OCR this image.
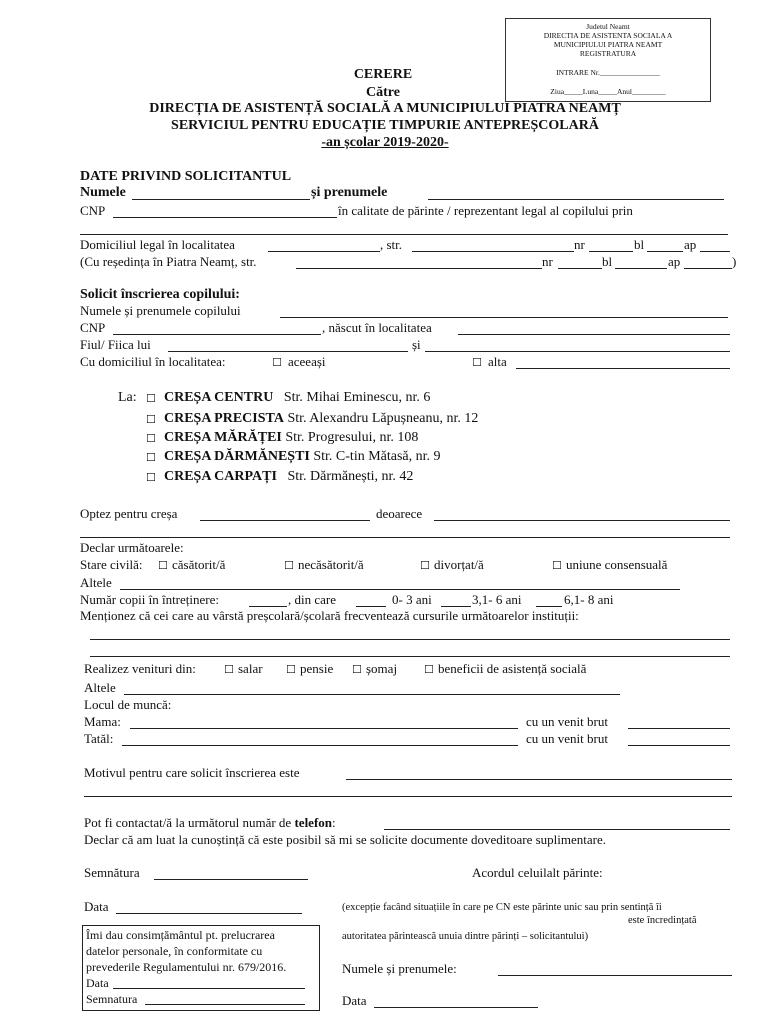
Judetul Neamt
DIRECTIA DE ASISTENTA SOCIALA A
MUNICIPIULUI PIATRA NEAMT
REGISTRATURA
INTRARE Nr.________________
Ziua_____Luna_____Anul_________
CERERE
Către
DIRECȚIA DE ASISTENȚĂ SOCIALĂ A MUNICIPIULUI PIATRA NEAMȚ
SERVICIUL PENTRU EDUCAȚIE TIMPURIE ANTEPREȘCOLARĂ
-an școlar 2019-2020-
DATE PRIVIND SOLICITANTUL
Numele	și prenumele
CNP	în calitate de părinte / reprezentant legal al copilului prin
Domiciliul legal în localitatea	, str.	nr	bl	ap
(Cu reședința în Piatra Neamț, str.	nr	bl	ap	)
Solicit înscrierea copilului:
Numele și prenumele copilului
CNP	, născut în localitatea
Fiul/ Fiica lui	și
Cu domiciliul în localitatea:	☐ aceeași	☐ alta
La: ☐ CREȘA CENTRU Str. Mihai Eminescu, nr. 6
☐ CREȘA PRECISTA Str. Alexandru Lăpușneanu, nr. 12
☐ CREȘA MĂRĂȚEI Str. Progresului, nr. 108
☐ CREȘA DĂRMĂNEȘTI Str. C-tin Mătasă, nr. 9
☐ CREȘA CARPAȚI Str. Dărmănești, nr. 42
Optez pentru creșa	deoarece
Declar următoarele:
Stare civilă: ☐ căsătorit/ă	☐ necăsătorit/ă	☐ divorțat/ă	☐ uniune consensuală
Altele
Număr copii în întreținere:	, din care	0- 3 ani	3,1- 6 ani	6,1- 8 ani
Menționez că cei care au vârstă preșcolară/școlară frecventează cursurile următoarelor instituții:
Realizez venituri din:	☐ salar ☐ pensie ☐ șomaj ☐ beneficii de asistență socială
Altele
Locul de muncă:
Mama:	cu un venit brut
Tatăl:	cu un venit brut
Motivul pentru care solicit înscrierea este
Pot fi contactat/ă la următorul număr de telefon:
Declar că am luat la cunoștință că este posibil să mi se solicite documente doveditoare suplimentare.
Semnătura	Acordul celuilalt părinte:
Data	(excepție facând situațiile în care pe CN este părinte unic sau prin sentință îi
este încredințată
autoritatea părintească unuia dintre părinți – solicitantului)
Numele și prenumele:
Data
Îmi dau consimțământul pt. prelucrarea
datelor personale, în conformitate cu
prevederile Regulamentului nr. 679/2016.
Data
Semnatura
